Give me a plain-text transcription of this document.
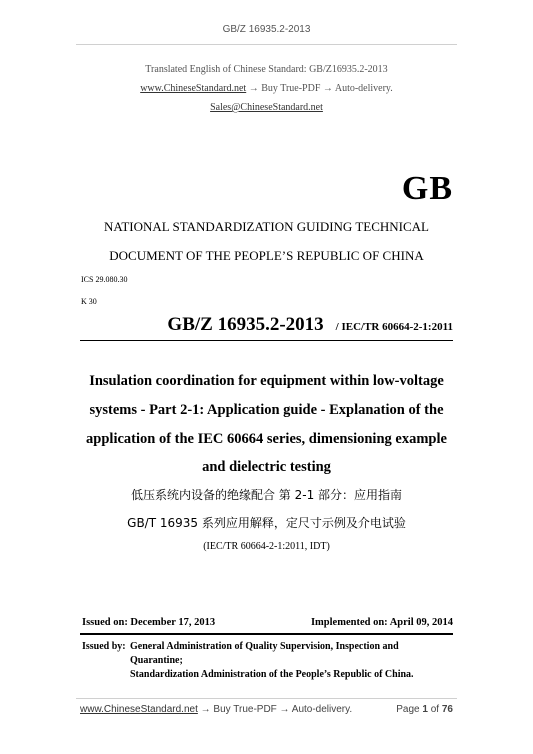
GB/Z 16935.2-2013
Translated English of Chinese Standard: GB/Z16935.2-2013
www.ChineseStandard.net → Buy True-PDF → Auto-delivery.
Sales@ChineseStandard.net
GB
NATIONAL STANDARDIZATION GUIDING TECHNICAL
DOCUMENT OF THE PEOPLE’S REPUBLIC OF CHINA
ICS 29.080.30
K 30
GB/Z 16935.2-2013 / IEC/TR 60664-2-1:2011
Insulation coordination for equipment within low-voltage
systems - Part 2-1: Application guide - Explanation of the
application of the IEC 60664 series, dimensioning example
and dielectric testing
低压系统内设备的绝缘配合 第 2-1 部分：应用指南
GB/T 16935 系列应用解释，定尺寸示例及介电试验
(IEC/TR 60664-2-1:2011, IDT)
Issued on: December 17, 2013	Implemented on: April 09, 2014
Issued by: General Administration of Quality Supervision, Inspection and
Quarantine;
Standardization Administration of the People’s Republic of China.
www.ChineseStandard.net → Buy True-PDF → Auto-delivery.	Page 1 of 76
